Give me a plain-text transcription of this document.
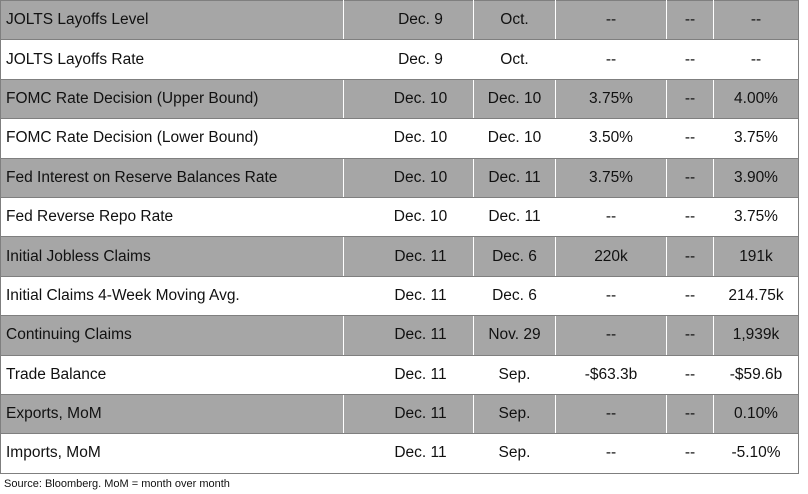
JOLTS Layoffs Level	Dec. 9	Oct.	--	--	--
JOLTS Layoffs Rate	Dec. 9	Oct.	--	--	--
FOMC Rate Decision (Upper Bound)	Dec. 10	Dec. 10	3.75%	--	4.00%
FOMC Rate Decision (Lower Bound)	Dec. 10	Dec. 10	3.50%	--	3.75%
Fed Interest on Reserve Balances Rate	Dec. 10	Dec. 11	3.75%	--	3.90%
Fed Reverse Repo Rate	Dec. 10	Dec. 11	--	--	3.75%
Initial Jobless Claims	Dec. 11	Dec. 6	220k	--	191k
Initial Claims 4-Week Moving Avg.	Dec. 11	Dec. 6	--	--	214.75k
Continuing Claims	Dec. 11	Nov. 29	--	--	1,939k
Trade Balance	Dec. 11	Sep.	-$63.3b	--	-$59.6b
Exports, MoM	Dec. 11	Sep.	--	--	0.10%
Imports, MoM	Dec. 11	Sep.	--	--	-5.10%
Source: Bloomberg. MoM = month over month
